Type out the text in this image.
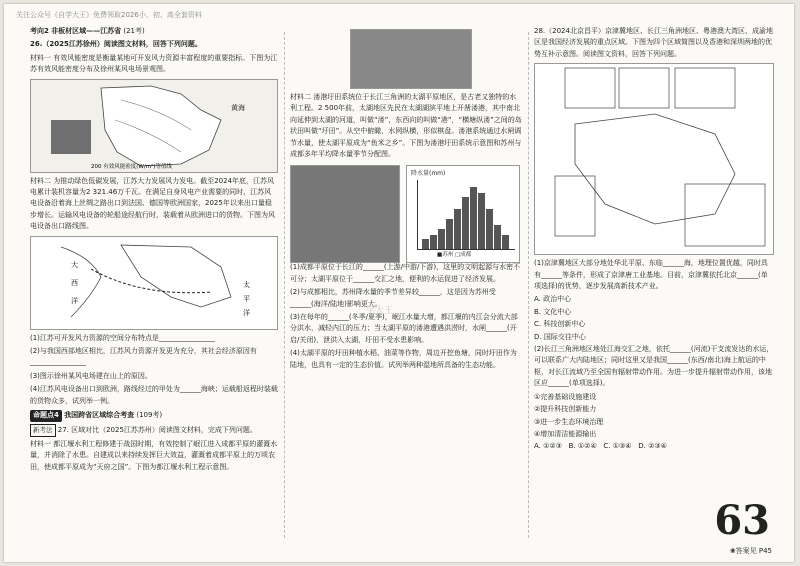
关注公众号《自学大王》免费领取2026小、初、高全套资料

考向2 非板材区域——江苏省 (21考)

26.（2025江苏徐州）阅读图文材料，回答下列问题。

材料一 有效风能密度是衡量某地可开发风力资源丰富程度的重要指标。下图为江苏有效风能密度分布及徐州某风电场景观图。

黄海
200 有效风能密度(W/m²)等值线

材料二 为推动绿色低碳发展，江苏大力发展风力发电。截至2024年底，江苏风电累计装机容量为2 321.46万千瓦。在满足自身风电产业需要的同时，江苏风电设备沿着海上丝绸之路出口到法国、德国等欧洲国家，2025年以来出口量稳步增长。运输风电设备的轮船途经航行时，装载着从欧洲进口的货物。下图为风电设备出口路线图。

大
西
洋
太
平
洋

(1)江苏可开发风力资源的空间分布特点是________________

(2)与我国西部地区相比，江苏风力资源开发更为充分，其社会经济原因有________________

(3)图示徐州某风电场建在山上的原因。

(4)江苏风电设备出口到欧洲，路线经过的甲处为______海峡；运载船返程时装载的货物众多，试列举一例。

命题点4 我国跨省区域综合考查 (109考)

新考法 27. 区域对比（2025江苏苏州）阅读图文材料，完成下列问题。

材料一 都江堰水利工程修建于战国时期，有效控制了岷江进入成都平原的灌溉水量，并消除了水患。自建成以来持续发挥巨大效益，灌溉着成都平原上的万顷农田，使成都平原成为“天府之国”。下图为都江堰水利工程示意图。

材料二 溇港圩田系统位于长江三角洲的太湖平原地区，是古老又独特的水利工程。2 500年前，太湖地区先民在太湖湖滨平地上开凿溇港，其中南北向延伸到太湖的河道，叫做“溇”，东西向的叫做“港”，“横塘纵溇”之间的岛状田叫做“圩田”。从空中俯瞰，水网纵横，形似棋盘。溇港系统通过水闸调节水量，使太湖平原成为“鱼米之乡”。下图为溇港圩田系统示意图和苏州与成都多年平均降水量季节分配图。

降水量(mm)
■苏州 □成都

(1)成都平原位于长江的______(上游/中游/下游)，这里的文明起源与水密不可分；太湖平原位于______交汇之地，便利的水运促进了经济发展。

(2)与成都相比，苏州降水量的季节差异较______，这是因为苏州受______(海洋/陆地)影响更大。

(3)在每年的______(冬季/夏季)，岷江水量大增，都江堰的内江会分流大部分洪水，减轻内江的压力；当太湖平原的溇港遭遇洪涝时，水闸______(开启/关闭)，泄洪入太湖，圩田不受水患影响。

(4)太湖平原的圩田种植水稻、油菜等作物，周边开挖鱼塘，同时圩田作为陆地，也具有一定的生态价值。试列举两种湿地所具备的生态功能。

28.（2024北京昌平）京津冀地区、长江三角洲地区、粤港澳大湾区、成渝地区是我国经济发展的重点区域。下图为四个区域简图以及香港和深圳两地的优势互补示意图。阅读图文资料，回答下列问题。

(1)京津冀地区大部分地处华北平原、东临______海，地理位置优越，同时具有______等条件，形成了京津唐工业基地。目前，京津冀依托北京______(单项选择)的优势，逐步发展高新技术产业。

A. 政治中心

B. 文化中心

C. 科技创新中心

D. 国际交往中心

(2)长江三角洲地区地处江海交汇之地，依托______(河流)干支流发达的水运，可以联系广大内陆地区；同时这里又是我国______(东西/南北)海上航运的中枢，对长江流域乃至全国有辐射带动作用。为进一步提升辐射带动作用，该地区应______(单项选择)。

①完善基础设施建设

②提升科技创新能力

③进一步生态环境治理

④增加清洁能源输出

A. ①②③ B. ①②④ C. ①③④ D. ②③④

学大王
63
❀答案见 P45
